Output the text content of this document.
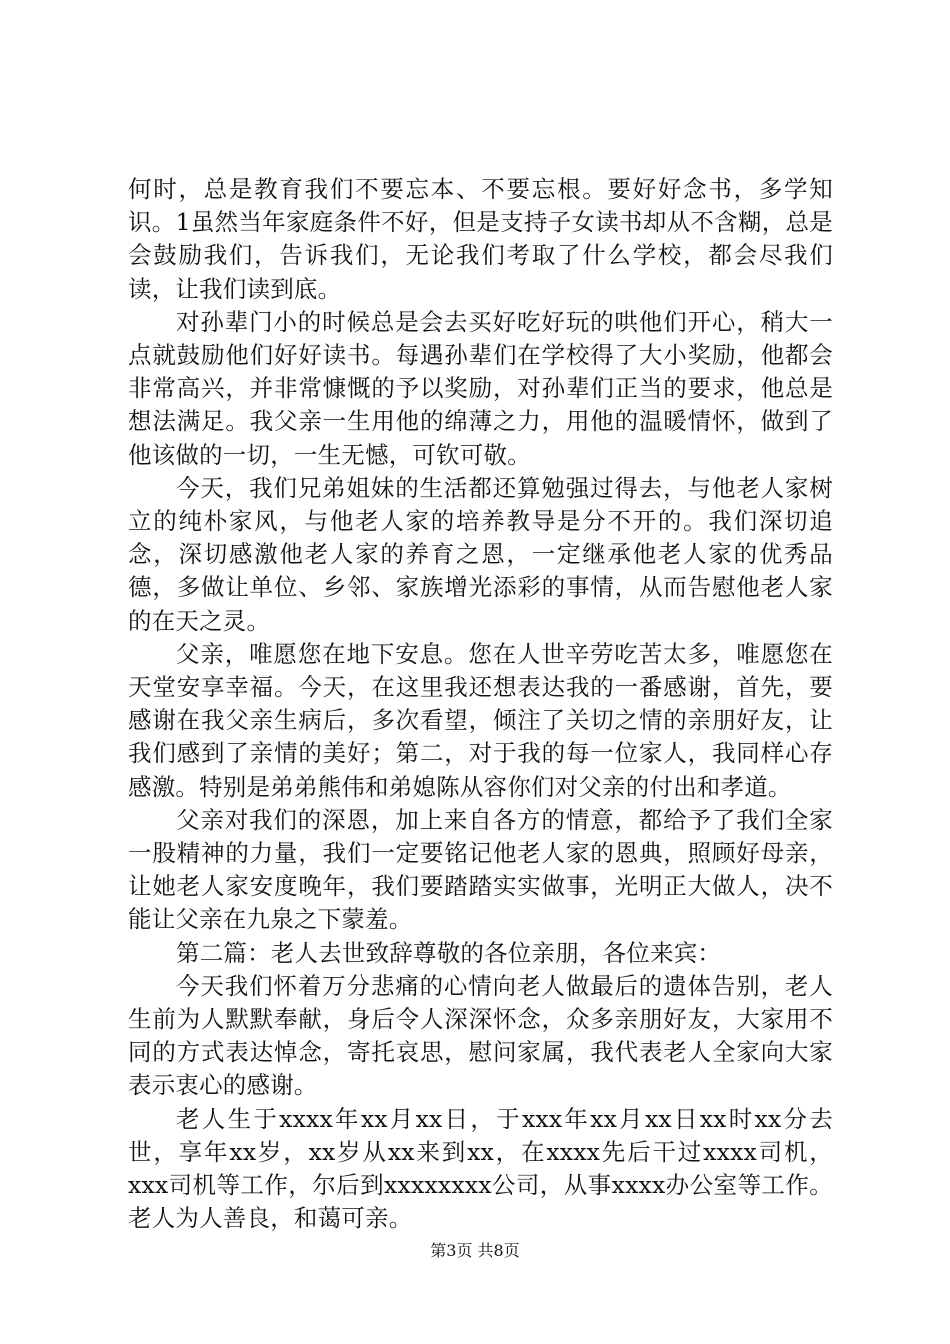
何时，总是教育我们不要忘本、不要忘根。要好好念书，多学知识。1虽然当年家庭条件不好，但是支持子女读书却从不含糊，总是会鼓励我们，告诉我们，无论我们考取了什么学校，都会尽我们读，让我们读到底。

对孙辈门小的时候总是会去买好吃好玩的哄他们开心，稍大一点就鼓励他们好好读书。每遇孙辈们在学校得了大小奖励，他都会非常高兴，并非常慷慨的予以奖励，对孙辈们正当的要求，他总是想法满足。我父亲一生用他的绵薄之力，用他的温暖情怀，做到了他该做的一切，一生无憾，可钦可敬。

今天，我们兄弟姐妹的生活都还算勉强过得去，与他老人家树立的纯朴家风，与他老人家的培养教导是分不开的。我们深切追念，深切感激他老人家的养育之恩，一定继承他老人家的优秀品德，多做让单位、乡邻、家族增光添彩的事情，从而告慰他老人家的在天之灵。

父亲，唯愿您在地下安息。您在人世辛劳吃苦太多，唯愿您在天堂安享幸福。今天，在这里我还想表达我的一番感谢，首先，要感谢在我父亲生病后，多次看望，倾注了关切之情的亲朋好友，让我们感到了亲情的美好；第二，对于我的每一位家人，我同样心存感激。特别是弟弟熊伟和弟媳陈从容你们对父亲的付出和孝道。

父亲对我们的深恩，加上来自各方的情意，都给予了我们全家一股精神的力量，我们一定要铭记他老人家的恩典，照顾好母亲，让她老人家安度晚年，我们要踏踏实实做事，光明正大做人，决不能让父亲在九泉之下蒙羞。

第二篇：老人去世致辞尊敬的各位亲朋，各位来宾：

今天我们怀着万分悲痛的心情向老人做最后的遗体告别，老人生前为人默默奉献，身后令人深深怀念，众多亲朋好友，大家用不同的方式表达悼念，寄托哀思，慰问家属，我代表老人全家向大家表示衷心的感谢。

老人生于xxxx年xx月xx日，于xxx年xx月xx日xx时xx分去世，享年xx岁，xx岁从xx来到xx，在xxxx先后干过xxxx司机，xxx司机等工作，尔后到xxxxxxxx公司，从事xxxx办公室等工作。老人为人善良，和蔼可亲。

第3页 共8页
